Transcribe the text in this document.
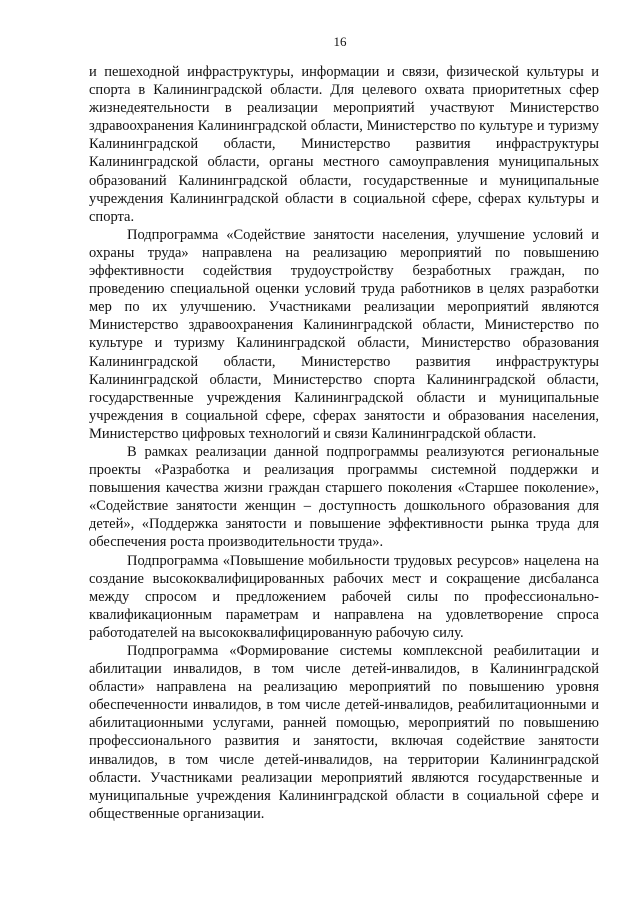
16

и пешеходной инфраструктуры, информации и связи, физической культуры и спорта в Калининградской области. Для целевого охвата приоритетных сфер жизнедеятельности в реализации мероприятий участвуют Министерство здравоохранения Калининградской области, Министерство по культуре и туризму Калининградской области, Министерство развития инфраструктуры Калининградской области, органы местного самоуправления муниципальных образований Калининградской области, государственные и муниципальные учреждения Калининградской области в социальной сфере, сферах культуры и спорта.

Подпрограмма «Содействие занятости населения, улучшение условий и охраны труда» направлена на реализацию мероприятий по повышению эффективности содействия трудоустройству безработных граждан, по проведению специальной оценки условий труда работников в целях разработки мер по их улучшению. Участниками реализации мероприятий являются Министерство здравоохранения Калининградской области, Министерство по культуре и туризму Калининградской области, Министерство образования Калининградской области, Министерство развития инфраструктуры Калининградской области, Министерство спорта Калининградской области, государственные учреждения Калининградской области и муниципальные учреждения в социальной сфере, сферах занятости и образования населения, Министерство цифровых технологий и связи Калининградской области.

В рамках реализации данной подпрограммы реализуются региональные проекты «Разработка и реализация программы системной поддержки и повышения качества жизни граждан старшего поколения «Старшее поколение», «Содействие занятости женщин – доступность дошкольного образования для детей», «Поддержка занятости и повышение эффективности рынка труда для обеспечения роста производительности труда».

Подпрограмма «Повышение мобильности трудовых ресурсов» нацелена на создание высококвалифицированных рабочих мест и сокращение дисбаланса между спросом и предложением рабочей силы по профессионально-квалификационным параметрам и направлена на удовлетворение спроса работодателей на высококвалифицированную рабочую силу.

Подпрограмма «Формирование системы комплексной реабилитации и абилитации инвалидов, в том числе детей-инвалидов, в Калининградской области» направлена на реализацию мероприятий по повышению уровня обеспеченности инвалидов, в том числе детей-инвалидов, реабилитационными и абилитационными услугами, ранней помощью, мероприятий по повышению профессионального развития и занятости, включая содействие занятости инвалидов, в том числе детей-инвалидов, на территории Калининградской области. Участниками реализации мероприятий являются государственные и муниципальные учреждения Калининградской области в социальной сфере и общественные организации.
